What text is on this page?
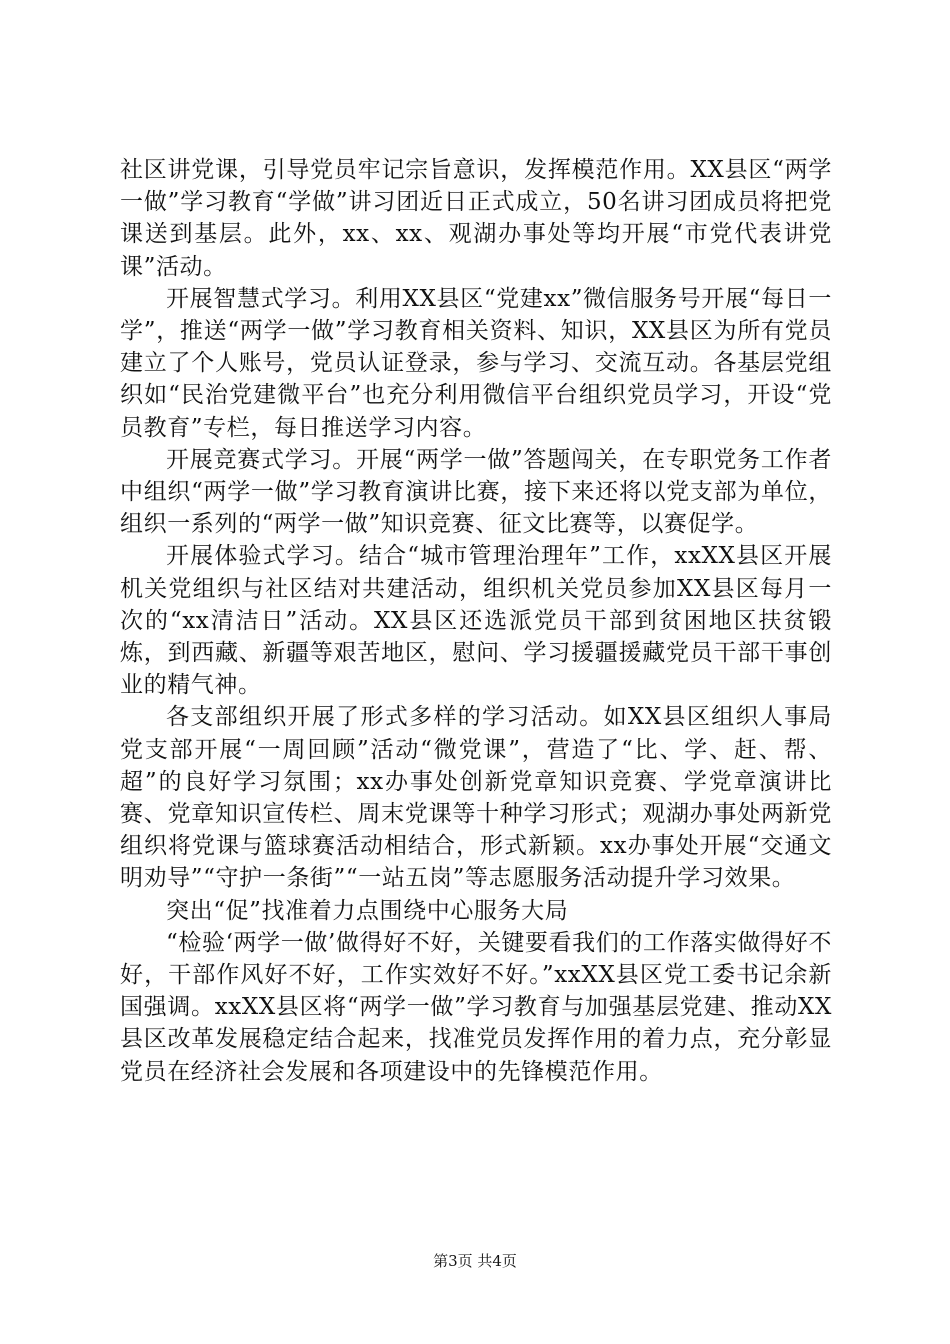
社区讲党课，引导党员牢记宗旨意识，发挥模范作用。XX县区“两学一做”学习教育“学做”讲习团近日正式成立，50名讲习团成员将把党课送到基层。此外，xx、xx、观湖办事处等均开展“市党代表讲党课”活动。

开展智慧式学习。利用XX县区“党建xx”微信服务号开展“每日一学”，推送“两学一做”学习教育相关资料、知识，XX县区为所有党员建立了个人账号，党员认证登录，参与学习、交流互动。各基层党组织如“民治党建微平台”也充分利用微信平台组织党员学习，开设“党员教育”专栏，每日推送学习内容。

开展竞赛式学习。开展“两学一做”答题闯关，在专职党务工作者中组织“两学一做”学习教育演讲比赛，接下来还将以党支部为单位，组织一系列的“两学一做”知识竞赛、征文比赛等，以赛促学。

开展体验式学习。结合“城市管理治理年”工作，xxXX县区开展机关党组织与社区结对共建活动，组织机关党员参加XX县区每月一次的“xx清洁日”活动。XX县区还选派党员干部到贫困地区扶贫锻炼，到西藏、新疆等艰苦地区，慰问、学习援疆援藏党员干部干事创业的精气神。

各支部组织开展了形式多样的学习活动。如XX县区组织人事局党支部开展“一周回顾”活动“微党课”，营造了“比、学、赶、帮、超”的良好学习氛围；xx办事处创新党章知识竞赛、学党章演讲比赛、党章知识宣传栏、周末党课等十种学习形式；观湖办事处两新党组织将党课与篮球赛活动相结合，形式新颖。xx办事处开展“交通文明劝导”“守护一条街”“一站五岗”等志愿服务活动提升学习效果。

突出“促”找准着力点围绕中心服务大局

“检验‘两学一做’做得好不好，关键要看我们的工作落实做得好不好，干部作风好不好，工作实效好不好。”xxXX县区党工委书记余新国强调。xxXX县区将“两学一做”学习教育与加强基层党建、推动XX县区改革发展稳定结合起来，找准党员发挥作用的着力点，充分彰显党员在经济社会发展和各项建设中的先锋模范作用。

第3页 共4页
